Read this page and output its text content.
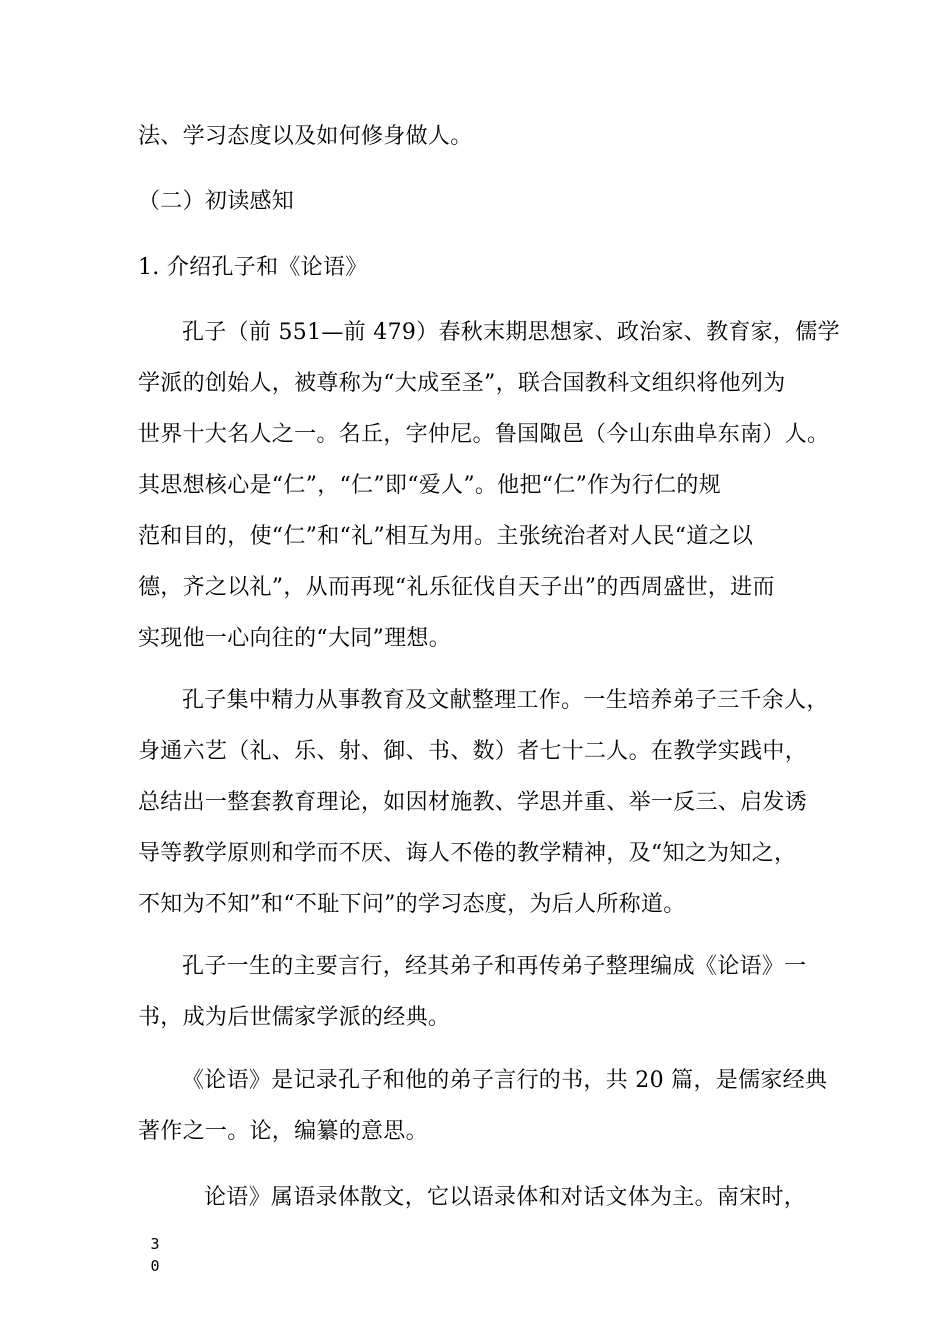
法、学习态度以及如何修身做人。
（二）初读感知
1. 介绍孔子和《论语》
孔子（前 551—前 479）春秋末期思想家、政治家、教育家，儒学
学派的创始人，被尊称为“大成至圣”，联合国教科文组织将他列为
世界十大名人之一。名丘，字仲尼。鲁国陬邑（今山东曲阜东南）人。
其思想核心是“仁”，“仁”即“爱人”。他把“仁”作为行仁的规
范和目的，使“仁”和“礼”相互为用。主张统治者对人民“道之以
德，齐之以礼”，从而再现“礼乐征伐自天子出”的西周盛世，进而
实现他一心向往的“大同”理想。
孔子集中精力从事教育及文献整理工作。一生培养弟子三千余人，
身通六艺（礼、乐、射、御、书、数）者七十二人。在教学实践中，
总结出一整套教育理论，如因材施教、学思并重、举一反三、启发诱
导等教学原则和学而不厌、诲人不倦的教学精神，及“知之为知之，
不知为不知”和“不耻下问”的学习态度，为后人所称道。
孔子一生的主要言行，经其弟子和再传弟子整理编成《论语》一
书，成为后世儒家学派的经典。
《论语》是记录孔子和他的弟子言行的书，共 20 篇，是儒家经典
著作之一。论，编纂的意思。
论语》属语录体散文，它以语录体和对话文体为主。南宋时，
3
0
